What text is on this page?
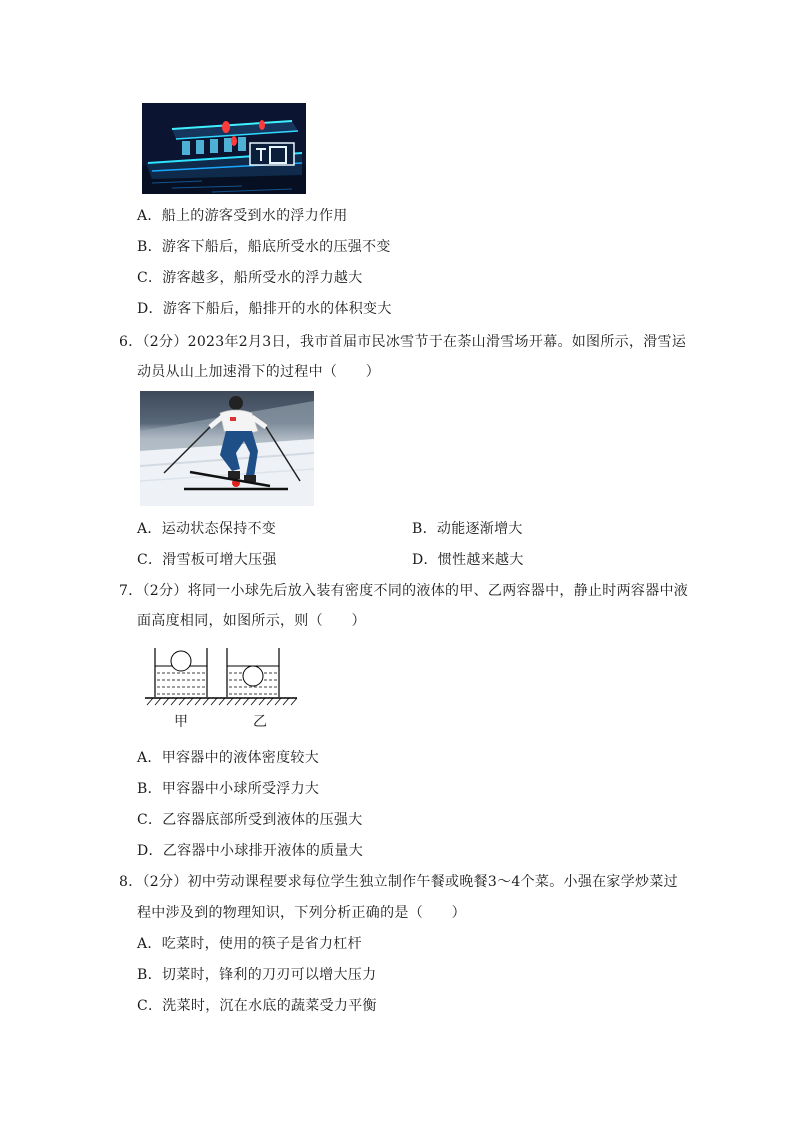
A．船上的游客受到水的浮力作用
B．游客下船后，船底所受水的压强不变
C．游客越多，船所受水的浮力越大
D．游客下船后，船排开的水的体积变大
6．（2分）2023年2月3日，我市首届市民冰雪节于在荼山滑雪场开幕。如图所示，滑雪运
动员从山上加速滑下的过程中（　　）
A．运动状态保持不变	B．动能逐渐增大
C．滑雪板可增大压强	D．惯性越来越大
7．（2分）将同一小球先后放入装有密度不同的液体的甲、乙两容器中，静止时两容器中液
面高度相同，如图所示，则（　　）
甲	乙
A．甲容器中的液体密度较大
B．甲容器中小球所受浮力大
C．乙容器底部所受到液体的压强大
D．乙容器中小球排开液体的质量大
8．（2分）初中劳动课程要求每位学生独立制作午餐或晚餐3～4个菜。小强在家学炒菜过
程中涉及到的物理知识，下列分析正确的是（　　）
A．吃菜时，使用的筷子是省力杠杆
B．切菜时，锋利的刀刃可以增大压力
C．洗菜时，沉在水底的蔬菜受力平衡
